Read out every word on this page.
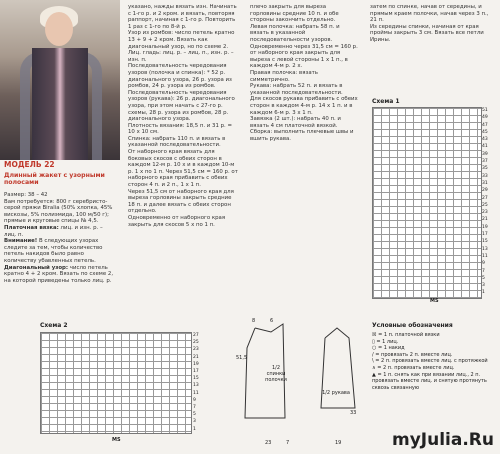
МОДЕЛЬ 22
Длинный жакет с узорными полосами

Размер: 38 – 42

Вам потребуется: 800 г серебристо-серой пряжи Вiralia (50% хлопка, 45% вискозы, 5% полиэмида, 100 м/50 г); прямые и круговые спицы № 4,5.

Платочная вязка: лиц. и изн. р. – лиц. п.

Внимание! В следующих узорах следите за тем, чтобы количество петель накидов было равно количеству убавленных петель.

Диагональный узор: число петель кратно 4 + 2 кром. Вязать по схеме 2, на которой приведены только лиц. р.

указано, нажды вязать изн. Начинать с 1-го р. и 2 кром. и вязать, повторяя раппорт, начиная с 1-го р. Повторить 1 раз с 1-го по 8-й р.

Узор из ромбов: число петель кратно 13 + 9 + 2 кром. Вязать как диагональный узор, но по схеме 2.

Лиц. гладь: лиц. р. – лиц. п., изн. р. – изн. п.

Последовательность чередования узоров (полочка и спинка): * 52 р. диагонального узора, 26 р. узора из ромбов, 24 р. узора из ромбов.

Последовательность чередования узоров (рукава): 26 р. диагонального узора, при этом начать с 27-го р. схемы, 28 р. узора из ромбов, 28 р. диагонального узора.

Плотность вязания: 18,5 п. и 31 р. = 10 х 10 см.

Спинка: набрать 110 п. и вязать в указанной последовательности.

От наборного края вязать для боковых скосов с обеих сторон в каждом 12-м р. 10 х и в каждом 10-м р. 1 х по 1 п. Через 51,5 см = 160 р. от наборного края прибавить с обеих сторон 4 п. и 2 п., 1 х 1 п.

Через 51,5 см от наборного края для выреза горловины закрыть средние 18 п. и далее вязать с обеих сторон отдельно.

Одновременно от наборного края закрыть для скосов 5 х по 1 п.

плечо закрыть для выреза горловины средние 10 п. и обе стороны закончить отдельно.

Левая полочка: набрать 58 п. и вязать в указанной последовательности узоров.

Одновременно через 31,5 см = 160 р. от наборного края закрыть для выреза с левой стороны 1 х 1 п., в каждом 4-м р. 2 х.

Правая полочка: вязать симметрично.

Рукава: набрать 52 п. и вязать в указанной последовательности.

Для скосов рукава прибавить с обеих сторон в каждом 4-м р. 14 х 1 п. и в каждом 6-м р. 3 х 1 п.

Завязка (2 шт.): набрать 40 п. и вязать 4 см платочной вязкой.

Сборка: выполнить плечевые швы и вшить рукава.

затем по спинке, начав от середины, и прямым краем полочки, начав через 3 п., 21 п.

Из середины спинки, начиная от края проймы закрыть 3 см. Вязать все петли Ирины.

Схема 1
51
49
47
45
43
41
39
37
35
33
31
29
27
25
23
21
19
17
15
13
11
9
7
5
3
1
MS
Схема 2
27
25
23
21
19
17
15
13
11
9
7
5
3
1
MS
1/2 спинки полочки
1/2 рукава
51,5
23	7	19
33
6
8
Условные обозначения
☒ = 1 п. платочной вязки
▯ = 1 лиц.
○ = 1 накид
/ = провязать 2 п. вместе лиц.
\ = 2 п. провязать вместе лиц. с протяжкой
∧ = 2 п. провязать вместе лиц.
▲ = 1 п. снять как при вязании лиц., 2 п. провязать вместе лиц. и снятую протянуть сквозь связанную
myJulia.Ru
